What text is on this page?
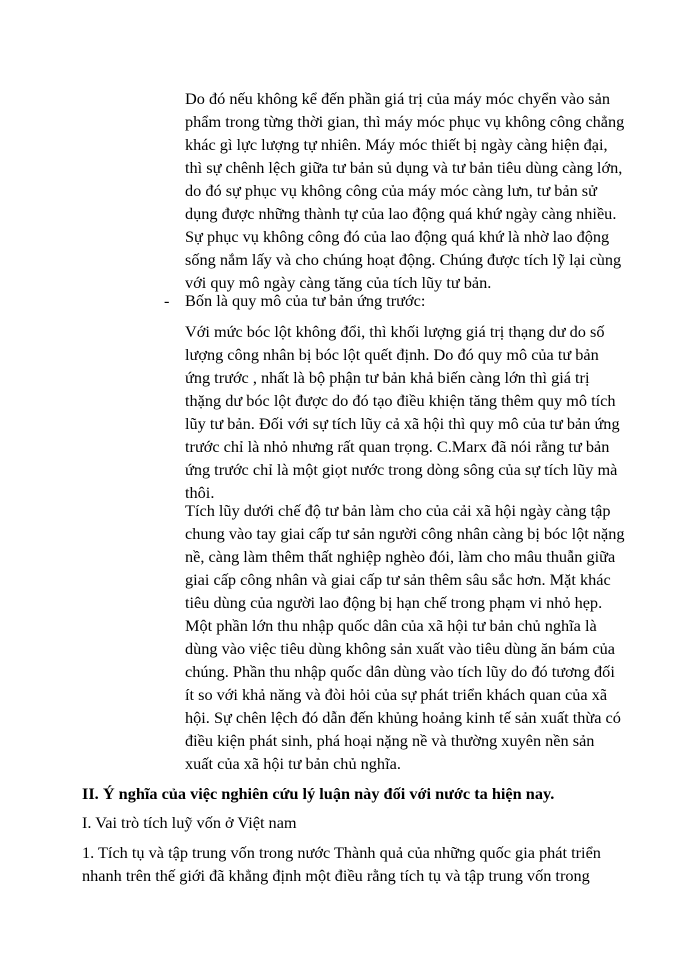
Do đó nếu không kể đến phần giá trị của máy móc chyển vào sản
phẩm trong từng thời gian, thì máy móc phục vụ không công chẳng
khác gì lực lượng tự nhiên. Máy móc thiết bị ngày càng hiện đại,
thì sự chênh lệch giữa tư bản sủ dụng và tư bản tiêu dùng càng lớn,
do đó sự phục vụ không công của máy móc càng lưn, tư bản sử
dụng được những thành tự của lao động quá khứ ngày càng nhiều.
Sự phục vụ không công đó của lao động quá khứ là nhờ lao động
sống nắm lấy và cho chúng hoạt động. Chúng được tích lỹ lại cùng
với quy mô ngày càng tăng của tích lũy tư bản.
- Bốn là quy mô của tư bản ứng trước:
Với mức bóc lột không đổi, thì khối lượng giá trị thạng dư do số
lượng công nhân bị bóc lột quết định. Do đó quy mô của tư bản
ứng trước , nhất là bộ phận tư bản khả biến càng lớn thì giá trị
thặng dư bóc lột được do đó tạo điều khiện tăng thêm quy mô tích
lũy tư bản. Đối với sự tích lũy cả xã hội thì quy mô của tư bản ứng
trước chỉ là nhỏ nhưng rất quan trọng. C.Marx đã nói rằng tư bản
ứng trước chỉ là một giọt nước trong dòng sông của sự tích lũy mà
thôi.
Tích lũy dưới chế độ tư bản làm cho của cải xã hội ngày càng tập
chung vào tay giai cấp tư sản người công nhân càng bị bóc lột nặng
nề, càng làm thêm thất nghiệp nghèo đói, làm cho mâu thuẫn giữa
giai cấp công nhân và giai cấp tư sản thêm sâu sắc hơn. Mặt khác
tiêu dùng của người lao động bị hạn chế trong phạm vi nhỏ hẹp.
Một phần lớn thu nhập quốc dân của xã hội tư bản chủ nghĩa là
dùng vào việc tiêu dùng không sản xuất vào tiêu dùng ăn bám của
chúng. Phần thu nhập quốc dân dùng vào tích lũy do đó tương đối
ít so với khả năng và đòi hỏi của sự phát triển khách quan của xã
hội. Sự chên lệch đó dẫn đến khủng hoảng kinh tế sản xuất thừa có
điều kiện phát sinh, phá hoại nặng nề và thường xuyên nền sản
xuất của xã hội tư bản chủ nghĩa.
II. Ý nghĩa của việc nghiên cứu lý luận này đối với nước ta hiện nay.
I. Vai trò tích luỹ vốn ở Việt nam
1. Tích tụ và tập trung vốn trong nước Thành quả của những quốc gia phát triển
nhanh trên thế giới đã khẳng định một điều rằng tích tụ và tập trung vốn trong
